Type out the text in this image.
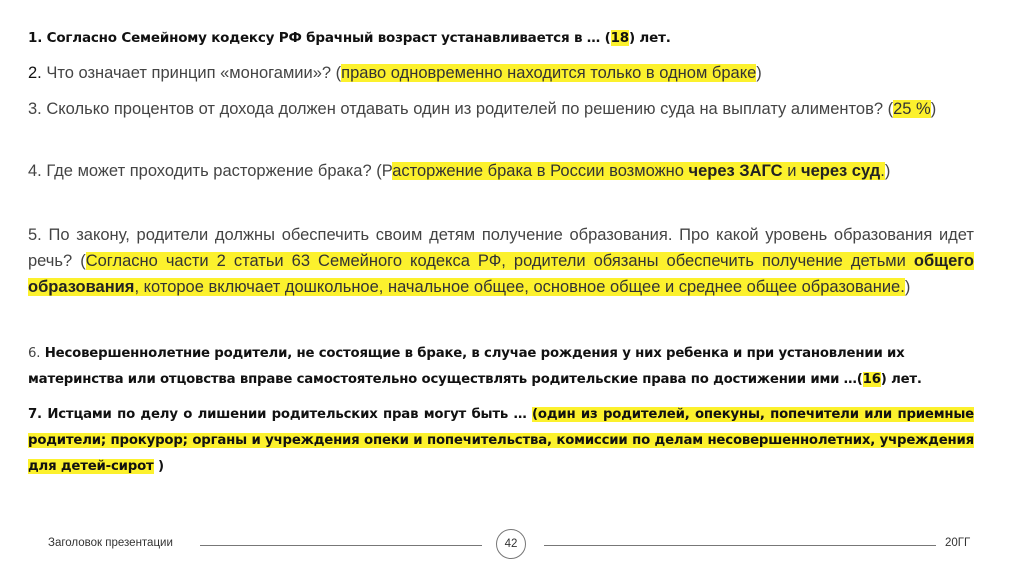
1. Согласно Семейному кодексу РФ брачный возраст устанавливается в … (18) лет.

2. Что означает принцип «моногамии»? (право одновременно находится только в одном браке)

3. Сколько процентов от дохода должен отдавать один из родителей по решению суда на выплату алиментов? (25 %)

4. Где может проходить расторжение брака? (Расторжение брака в России возможно через ЗАГС и через суд.)

5. По закону, родители должны обеспечить своим детям получение образования. Про какой уровень образования идет речь? (Согласно части 2 статьи 63 Семейного кодекса РФ, родители обязаны обеспечить получение детьми общего образования, которое включает дошкольное, начальное общее, основное общее и среднее общее образование.)

6. Несовершеннолетние родители, не состоящие в браке, в случае рождения у них ребенка и при установлении их материнства или отцовства вправе самостоятельно осуществлять родительские права по достижении ими …(16) лет.

7. Истцами по делу о лишении родительских прав могут быть … (один из родителей, опекуны, попечители или приемные родители; прокурор; органы и учреждения опеки и попечительства, комиссии по делам несовершеннолетних, учреждения для детей-сирот )

Заголовок презентации	42	20ГГ
